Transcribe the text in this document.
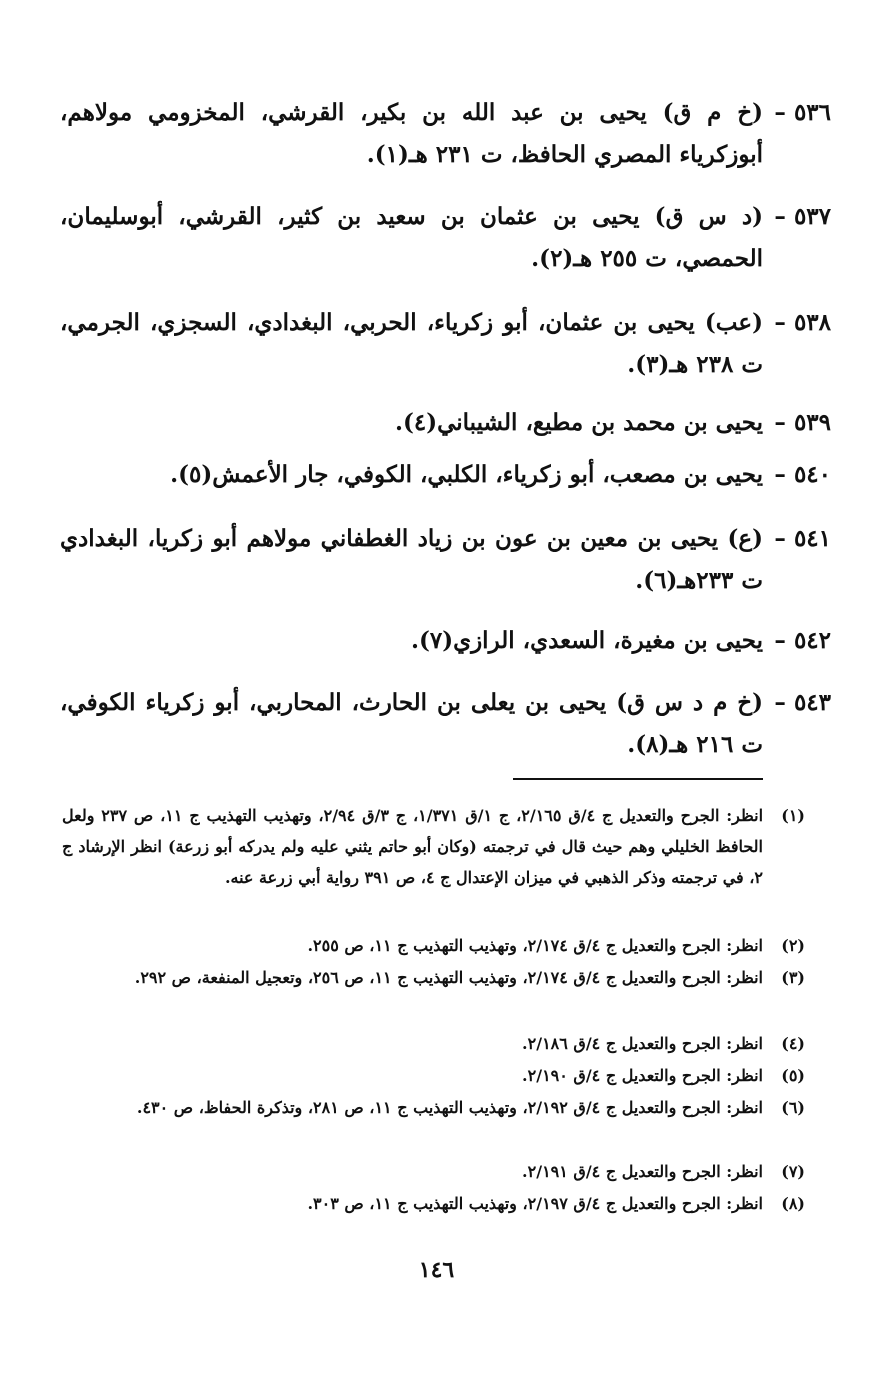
٥٣٦ –
(خ م ق) يحيى بن عبد الله بن بكير، القرشي، المخزومي مولاهم، أبوزكرياء المصري الحافظ، ت ٢٣١ هـ(١).
٥٣٧ –
(د س ق) يحيى بن عثمان بن سعيد بن كثير، القرشي، أبوسليمان، الحمصي، ت ٢٥٥ هـ(٢).
٥٣٨ –
(عب) يحيى بن عثمان، أبو زكرياء، الحربي، البغدادي، السجزي، الجرمي، ت ٢٣٨ هـ(٣).
٥٣٩ –
يحيى بن محمد بن مطيع، الشيباني(٤).
٥٤٠ –
يحيى بن مصعب، أبو زكرياء، الكلبي، الكوفي، جار الأعمش(٥).
٥٤١ –
(ع) يحيى بن معين بن عون بن زياد الغطفاني مولاهم أبو زكريا، البغدادي ت ٢٣٣هـ(٦).
٥٤٢ –
يحيى بن مغيرة، السعدي، الرازي(٧).
٥٤٣ –
(خ م د س ق) يحيى بن يعلى بن الحارث، المحاربي، أبو زكرياء الكوفي، ت ٢١٦ هـ(٨).
(١)
انظر: الجرح والتعديل ج ٤/ق ٢/١٦٥، ج ١/ق ١/٣٧١، ج ٣/ق ٢/٩٤، وتهذيب التهذيب ج ١١، ص ٢٣٧ ولعل الحافظ الخليلي وهم حيث قال في ترجمته (وكان أبو حاتم يثني عليه ولم يدركه أبو زرعة) انظر الإرشاد ج ٢، في ترجمته وذكر الذهبي في ميزان الإعتدال ج ٤، ص ٣٩١ رواية أبي زرعة عنه.
(٢)
انظر: الجرح والتعديل ج ٤/ق ٢/١٧٤، وتهذيب التهذيب ج ١١، ص ٢٥٥.
(٣)
انظر: الجرح والتعديل ج ٤/ق ٢/١٧٤، وتهذيب التهذيب ج ١١، ص ٢٥٦، وتعجيل المنفعة، ص ٢٩٢.
(٤)
انظر: الجرح والتعديل ج ٤/ق ٢/١٨٦.
(٥)
انظر: الجرح والتعديل ج ٤/ق ٢/١٩٠.
(٦)
انظر: الجرح والتعديل ج ٤/ق ٢/١٩٢، وتهذيب التهذيب ج ١١، ص ٢٨١، وتذكرة الحفاظ، ص ٤٣٠.
(٧)
انظر: الجرح والتعديل ج ٤/ق ٢/١٩١.
(٨)
انظر: الجرح والتعديل ج ٤/ق ٢/١٩٧، وتهذيب التهذيب ج ١١، ص ٣٠٣.
١٤٦
